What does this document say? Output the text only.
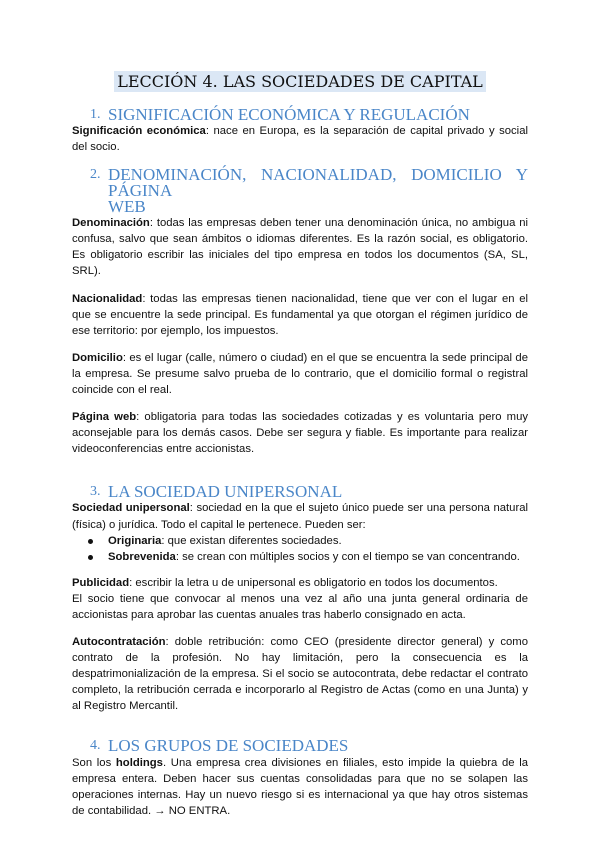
LECCIÓN 4. LAS SOCIEDADES DE CAPITAL
1. SIGNIFICACIÓN ECONÓMICA Y REGULACIÓN
Significación económica: nace en Europa, es la separación de capital privado y social del socio.
2. DENOMINACIÓN, NACIONALIDAD, DOMICILIO Y PÁGINA
WEB
Denominación: todas las empresas deben tener una denominación única, no ambigua ni confusa, salvo que sean ámbitos o idiomas diferentes. Es la razón social, es obligatorio. Es obligatorio escribir las iniciales del tipo empresa en todos los documentos (SA, SL, SRL).
Nacionalidad: todas las empresas tienen nacionalidad, tiene que ver con el lugar en el que se encuentre la sede principal. Es fundamental ya que otorgan el régimen jurídico de ese territorio: por ejemplo, los impuestos.
Domicilio: es el lugar (calle, número o ciudad) en el que se encuentra la sede principal de la empresa. Se presume salvo prueba de lo contrario, que el domicilio formal o registral coincide con el real.
Página web: obligatoria para todas las sociedades cotizadas y es voluntaria pero muy aconsejable para los demás casos. Debe ser segura y fiable. Es importante para realizar videoconferencias entre accionistas.
3. LA SOCIEDAD UNIPERSONAL
Sociedad unipersonal: sociedad en la que el sujeto único puede ser una persona natural (física) o jurídica. Todo el capital le pertenece. Pueden ser:
Originaria: que existan diferentes sociedades.
Sobrevenida: se crean con múltiples socios y con el tiempo se van concentrando.
Publicidad: escribir la letra u de unipersonal es obligatorio en todos los documentos.
El socio tiene que convocar al menos una vez al año una junta general ordinaria de accionistas para aprobar las cuentas anuales tras haberlo consignado en acta.
Autocontratación: doble retribución: como CEO (presidente director general) y como contrato de la profesión. No hay limitación, pero la consecuencia es la despatrimonialización de la empresa. Si el socio se autocontrata, debe redactar el contrato completo, la retribución cerrada e incorporarlo al Registro de Actas (como en una Junta) y al Registro Mercantil.
4. LOS GRUPOS DE SOCIEDADES
Son los holdings. Una empresa crea divisiones en filiales, esto impide la quiebra de la empresa entera. Deben hacer sus cuentas consolidadas para que no se solapen las operaciones internas. Hay un nuevo riesgo si es internacional ya que hay otros sistemas de contabilidad. → NO ENTRA.
